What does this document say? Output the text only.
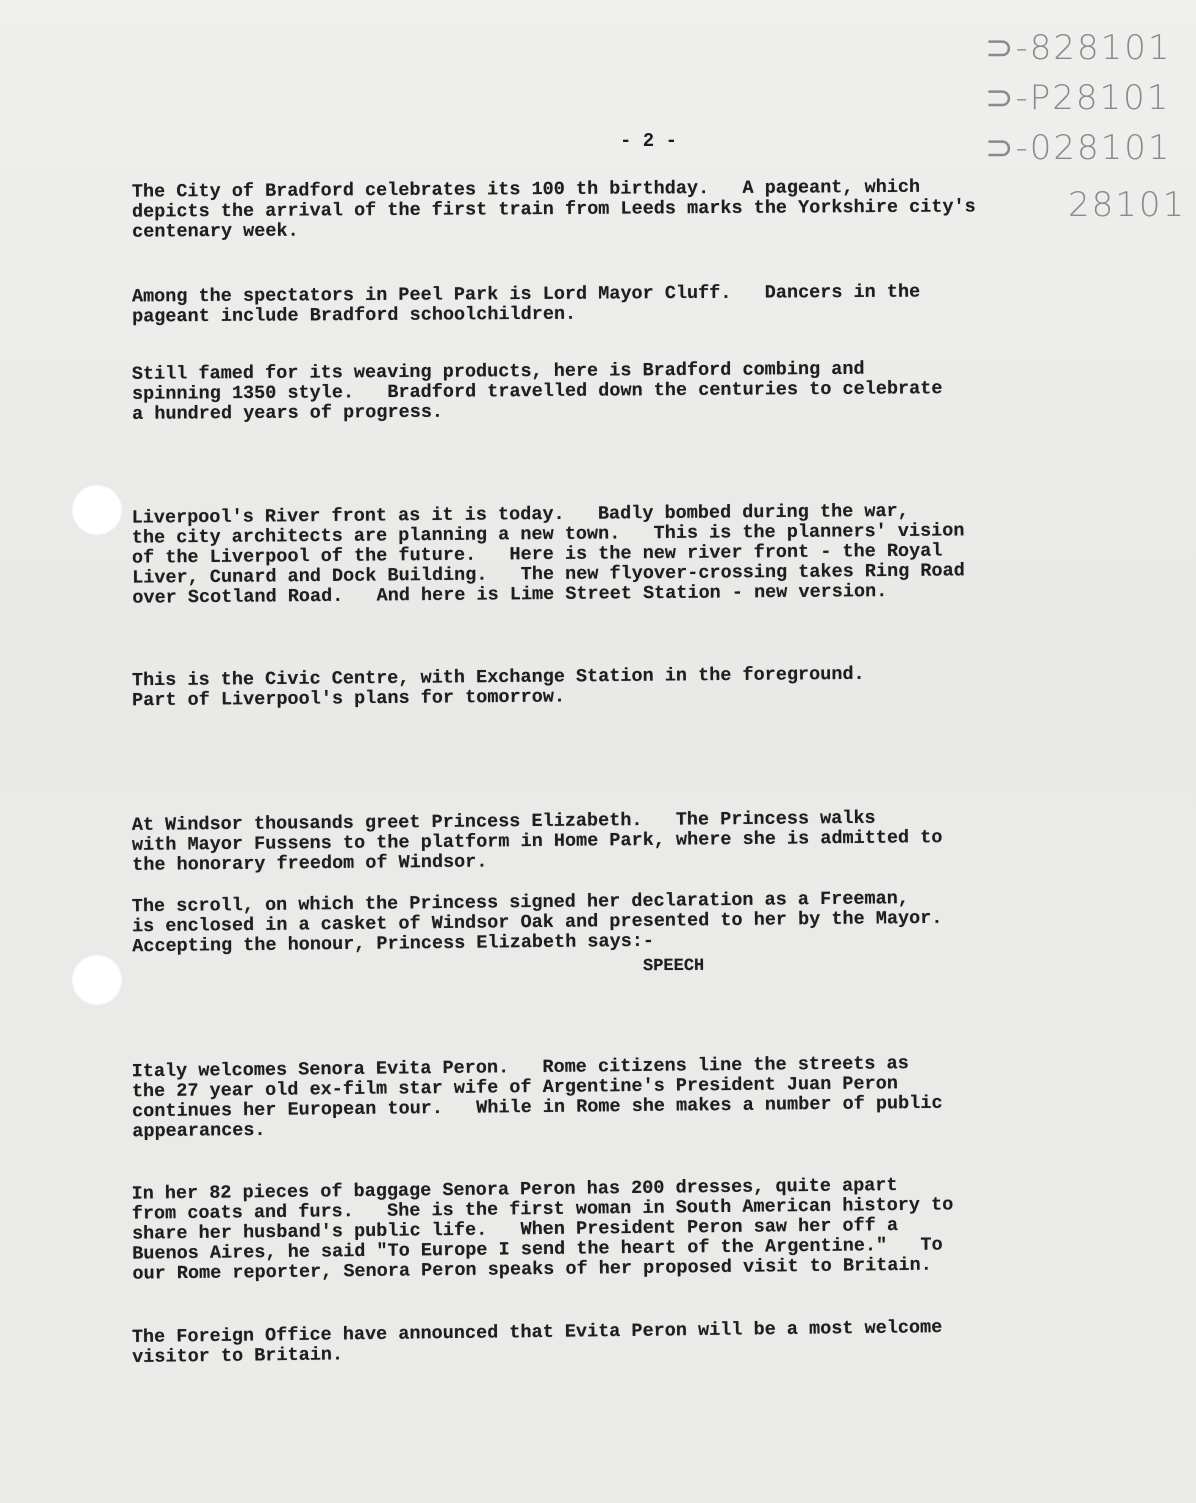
⊃-828101
⊃-P28101
⊃-028101
28101
- 2 -

The City of Bradford celebrates its 100 th birthday.   A pageant, which
depicts the arrival of the first train from Leeds marks the Yorkshire city's
centenary week.

Among the spectators in Peel Park is Lord Mayor Cluff.   Dancers in the
pageant include Bradford schoolchildren.

Still famed for its weaving products, here is Bradford combing and
spinning 1350 style.   Bradford travelled down the centuries to celebrate
a hundred years of progress.

Liverpool's River front as it is today.   Badly bombed during the war,
the city architects are planning a new town.   This is the planners' vision
of the Liverpool of the future.   Here is the new river front - the Royal
Liver, Cunard and Dock Building.   The new flyover-crossing takes Ring Road
over Scotland Road.   And here is Lime Street Station - new version.

This is the Civic Centre, with Exchange Station in the foreground.
Part of Liverpool's plans for tomorrow.

At Windsor thousands greet Princess Elizabeth.   The Princess walks
with Mayor Fussens to the platform in Home Park, where she is admitted to
the honorary freedom of Windsor.

The scroll, on which the Princess signed her declaration as a Freeman,
is enclosed in a casket of Windsor Oak and presented to her by the Mayor.
Accepting the honour, Princess Elizabeth says:-

SPEECH

Italy welcomes Senora Evita Peron.   Rome citizens line the streets as
the 27 year old ex-film star wife of Argentine's President Juan Peron
continues her European tour.   While in Rome she makes a number of public
appearances.

In her 82 pieces of baggage Senora Peron has 200 dresses, quite apart
from coats and furs.   She is the first woman in South American history to
share her husband's public life.   When President Peron saw her off a
Buenos Aires, he said "To Europe I send the heart of the Argentine."   To
our Rome reporter, Senora Peron speaks of her proposed visit to Britain.

The Foreign Office have announced that Evita Peron will be a most welcome
visitor to Britain.
